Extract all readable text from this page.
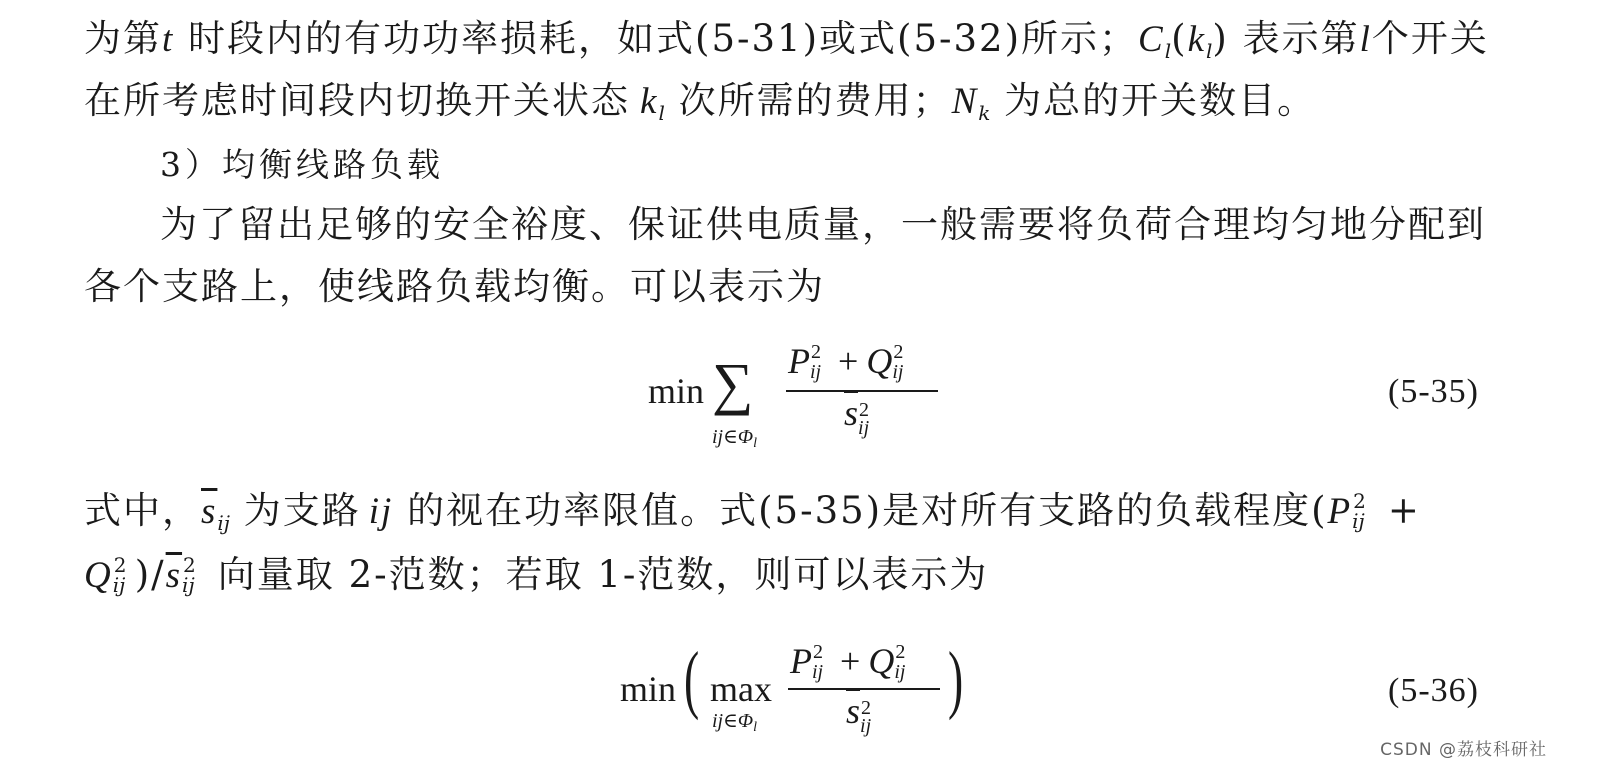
为第t 时段内的有功功率损耗，如式(5-31)或式(5-32)所示；$C_l(k_l)$ 表示第l个开关
在所考虑时间段内切换开关状态 $k_l$ 次所需的费用；$N_k$ 为总的开关数目。
3）均衡线路负载
为了留出足够的安全裕度、保证供电质量，一般需要将负荷合理均匀地分配到
各个支路上，使线路负载均衡。可以表示为
min ∑
$ij\in\Phi_l$
P 2
ij + Q 2
ij
$\overline{s}$ 2
ij
(5-35)
式中，$\overline{s}_{ij}$ 为支路 ij 的视在功率限值。式(5-35)是对所有支路的负载程度(P 2
ij +
Q 2
ij )$/\overline{s}$ 2
ij 向量取 2-范数；若取 1-范数，则可以表示为
min ( max
$ij\in\Phi_l$
P 2
ij + Q 2
ij
$\overline{s}$ 2
ij
)	(5-36)
CSDN @荔枝科研社
